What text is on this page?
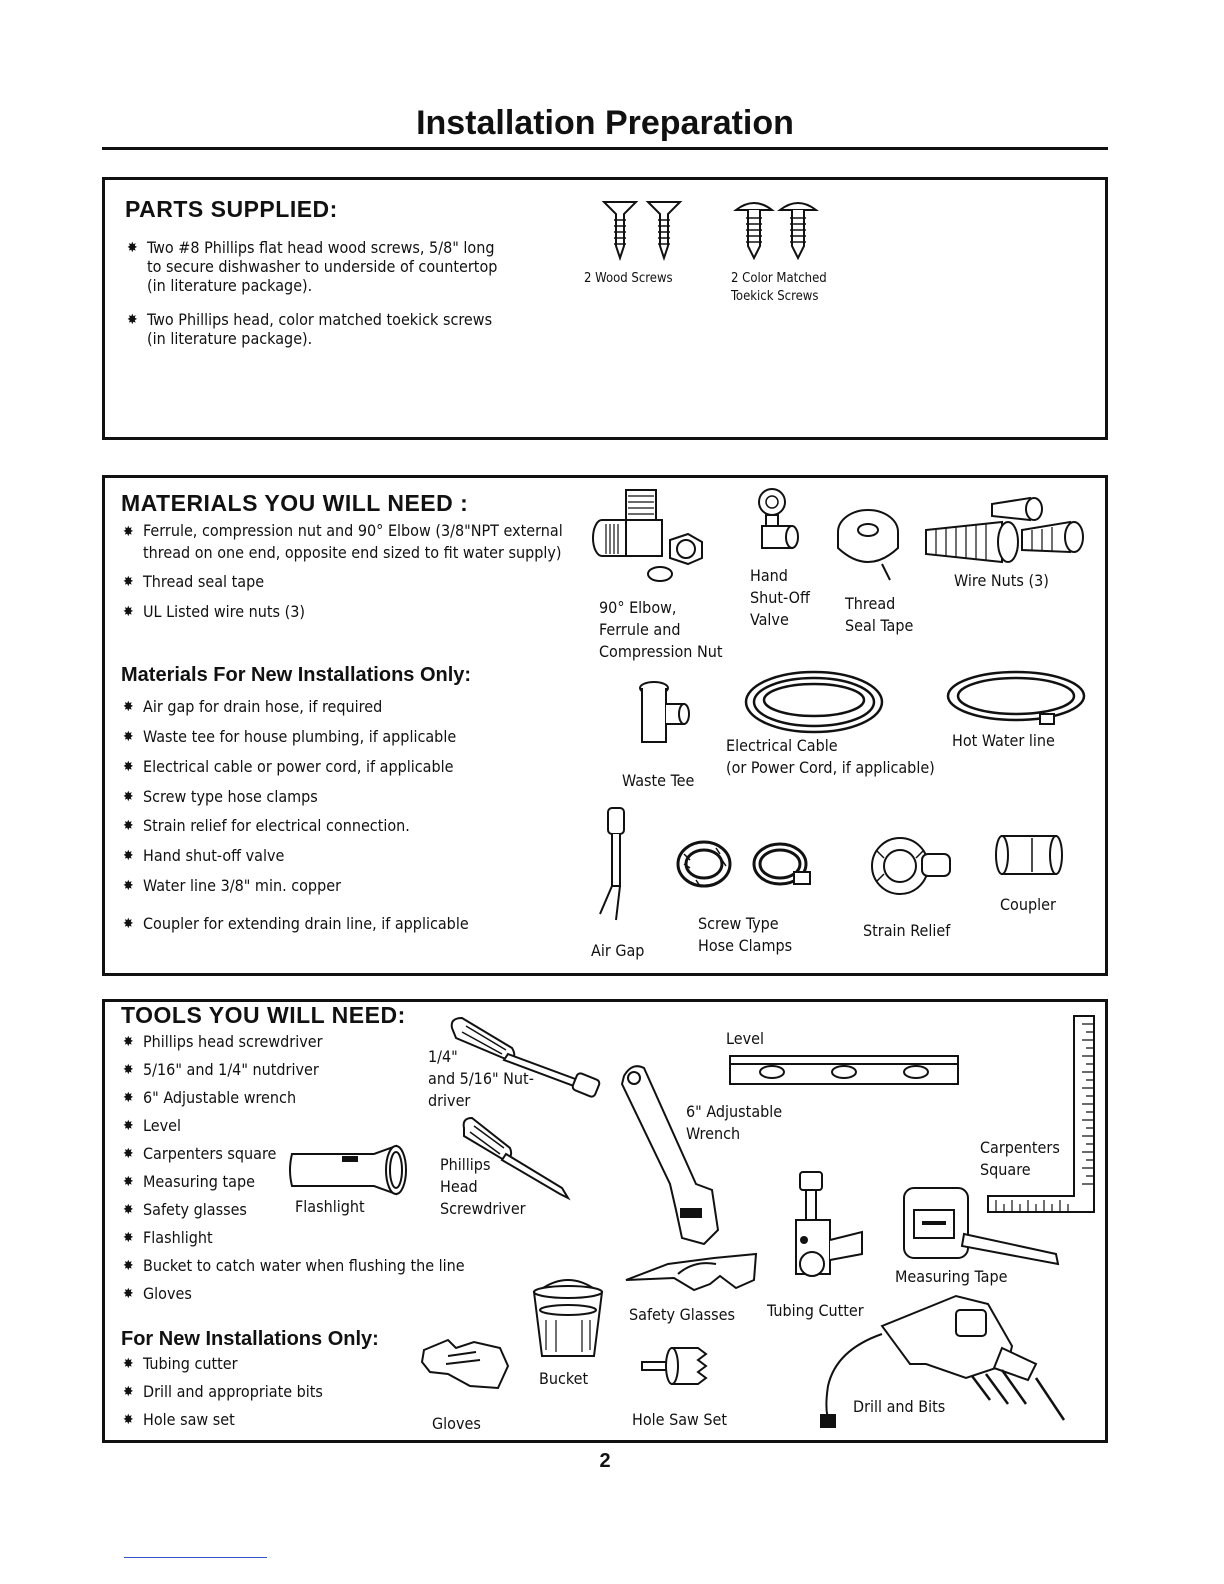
Installation Preparation
PARTS SUPPLIED:
✸ Two #8 Phillips flat head wood screws, 5/8" long
to secure dishwasher to underside of countertop
(in literature package).
✸ Two Phillips head, color matched toekick screws
(in literature package).
2 Wood Screws	2 Color Matched
Toekick Screws
MATERIALS YOU WILL NEED :
✸ Ferrule, compression nut and 90° Elbow (3/8"NPT external
thread on one end, opposite end sized to fit water supply)
✸ Thread seal tape
✸ UL Listed wire nuts (3)
Materials For New Installations Only:
✸ Air gap for drain hose, if required
✸ Waste tee for house plumbing, if applicable
✸ Electrical cable or power cord, if applicable
✸ Screw type hose clamps
✸ Strain relief for electrical connection.
✸ Hand shut-off valve
✸ Water line 3/8" min. copper
✸ Coupler for extending drain line, if applicable
90° Elbow,
Ferrule and
Compression Nut
Hand
Shut-Off
Valve
Thread
Seal Tape
Wire Nuts (3)
Waste Tee
Electrical Cable
(or Power Cord, if applicable)
Hot Water line
Air Gap
Screw Type
Hose Clamps
Strain Relief
Coupler
TOOLS YOU WILL NEED:
✸ Phillips head screwdriver
✸ 5/16" and 1/4" nutdriver
✸ 6" Adjustable wrench
✸ Level
✸ Carpenters square
✸ Measuring tape
✸ Safety glasses
✸ Flashlight
✸ Bucket to catch water when flushing the line
✸ Gloves
For New Installations Only:
✸ Tubing cutter
✸ Drill and appropriate bits
✸ Hole saw set
1/4"
and 5/16" Nut-
driver
Phillips
Head
Screwdriver
Flashlight
6" Adjustable
Wrench
Level
Carpenters
Square
Measuring Tape
Tubing Cutter
Safety Glasses
Bucket
Gloves	Hole Saw Set
Drill and Bits
2
